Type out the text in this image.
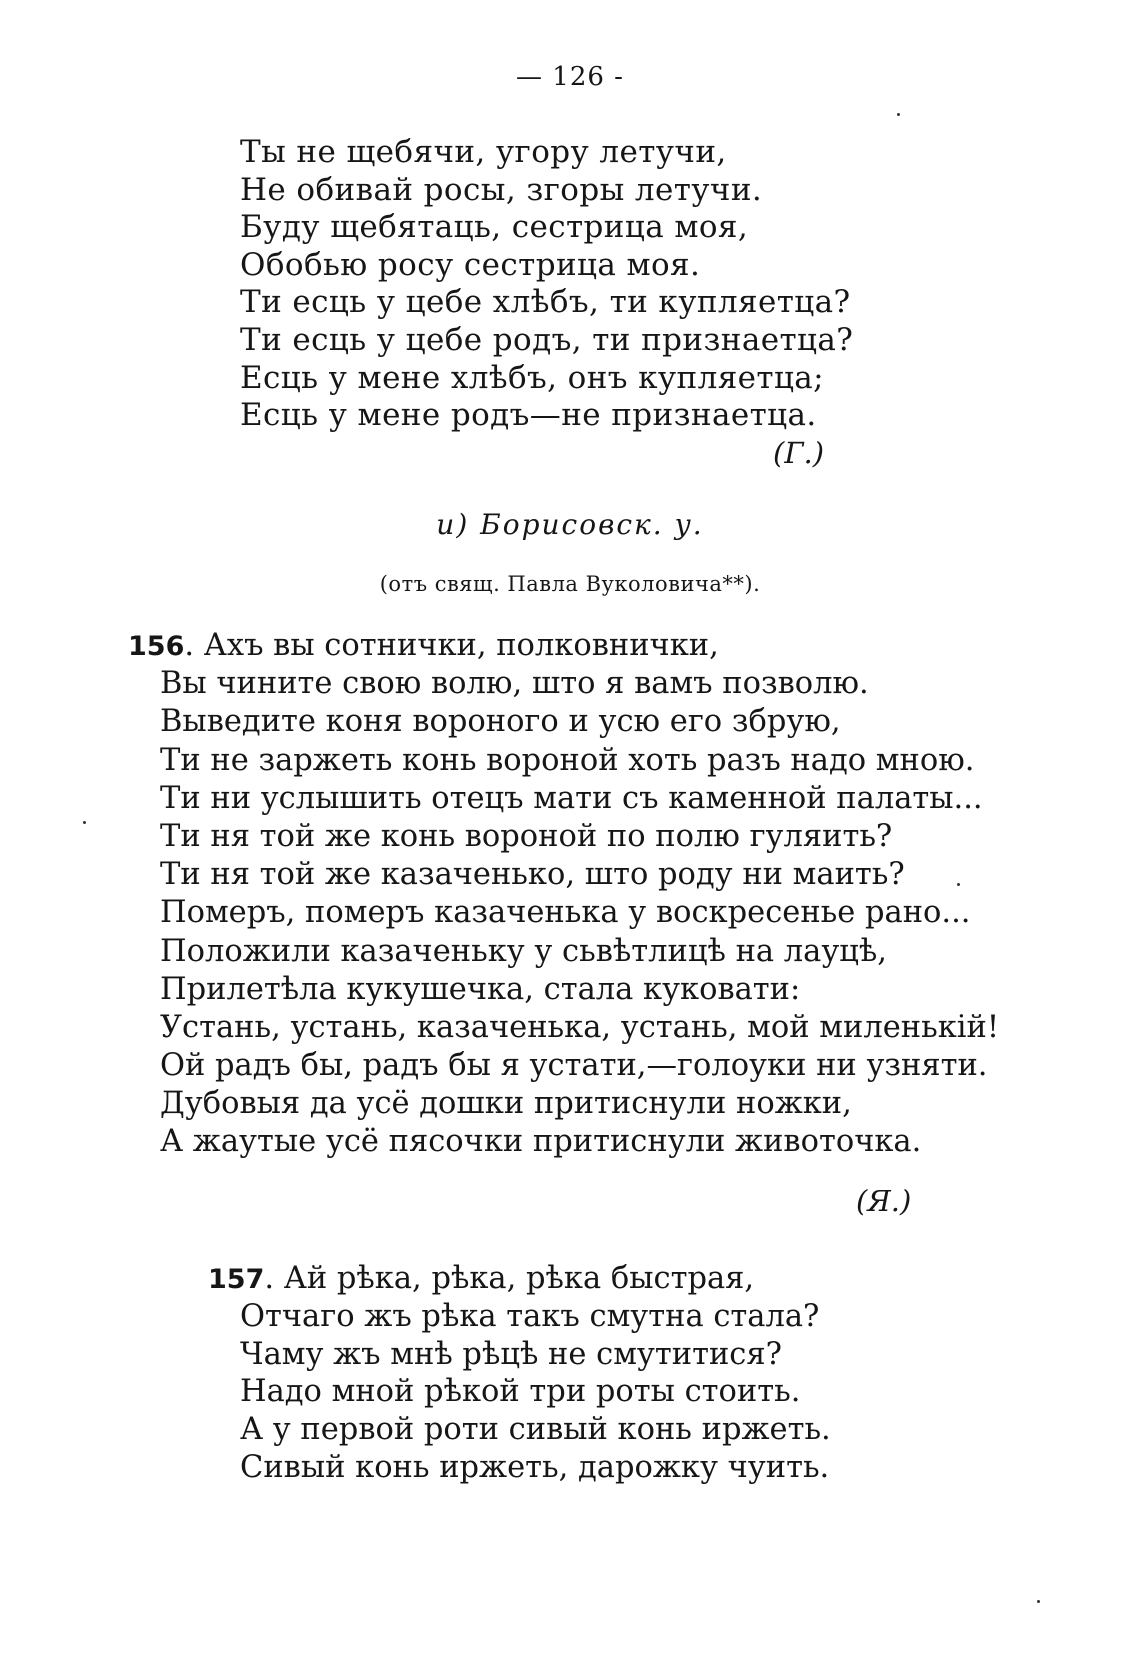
— 126 -
Ты не щебячи, угору летучи,
Не обивай росы, згоры летучи.
Буду щебятаць, сестрица моя,
Обобью росу сестрица моя.
Ти есць у цебе хлѣбъ, ти купляетца?
Ти есць у цебе родъ, ти признаетца?
Есць у мене хлѣбъ, онъ купляетца;
Есць у мене родъ—не признаетца.
(Г.)
и) Борисовск. у.
(отъ свящ. Павла Вуколовича**).
156. Ахъ вы сотнички, полковнички,
Вы чините свою волю, што я вамъ позволю.
Выведите коня вороного и усю его збрую,
Ти не заржеть конь вороной хоть разъ надо мною.
Ти ни услышить отецъ мати съ каменной палаты...
Ти ня той же конь вороной по полю гуляить?
Ти ня той же казаченько, што роду ни маить?
Померъ, померъ казаченька у воскресенье рано...
Положили казаченьку у сьвѣтлицѣ на лауцѣ,
Прилетѣла кукушечка, стала куковати:
Устань, устань, казаченька, устань, мой миленькій!
Ой радъ бы, радъ бы я устати,—голоуки ни узняти.
Дубовыя да усё дошки притиснули ножки,
А жаутые усё пясочки притиснули животочка.
(Я.)
157. Ай рѣка, рѣка, рѣка быстрая,
Отчаго жъ рѣка такъ смутна стала?
Чаму жъ мнѣ рѣцѣ не смутитися?
Надо мной рѣкой три роты стоить.
А у первой роти сивый конь иржеть.
Сивый конь иржеть, дарожку чуить.
